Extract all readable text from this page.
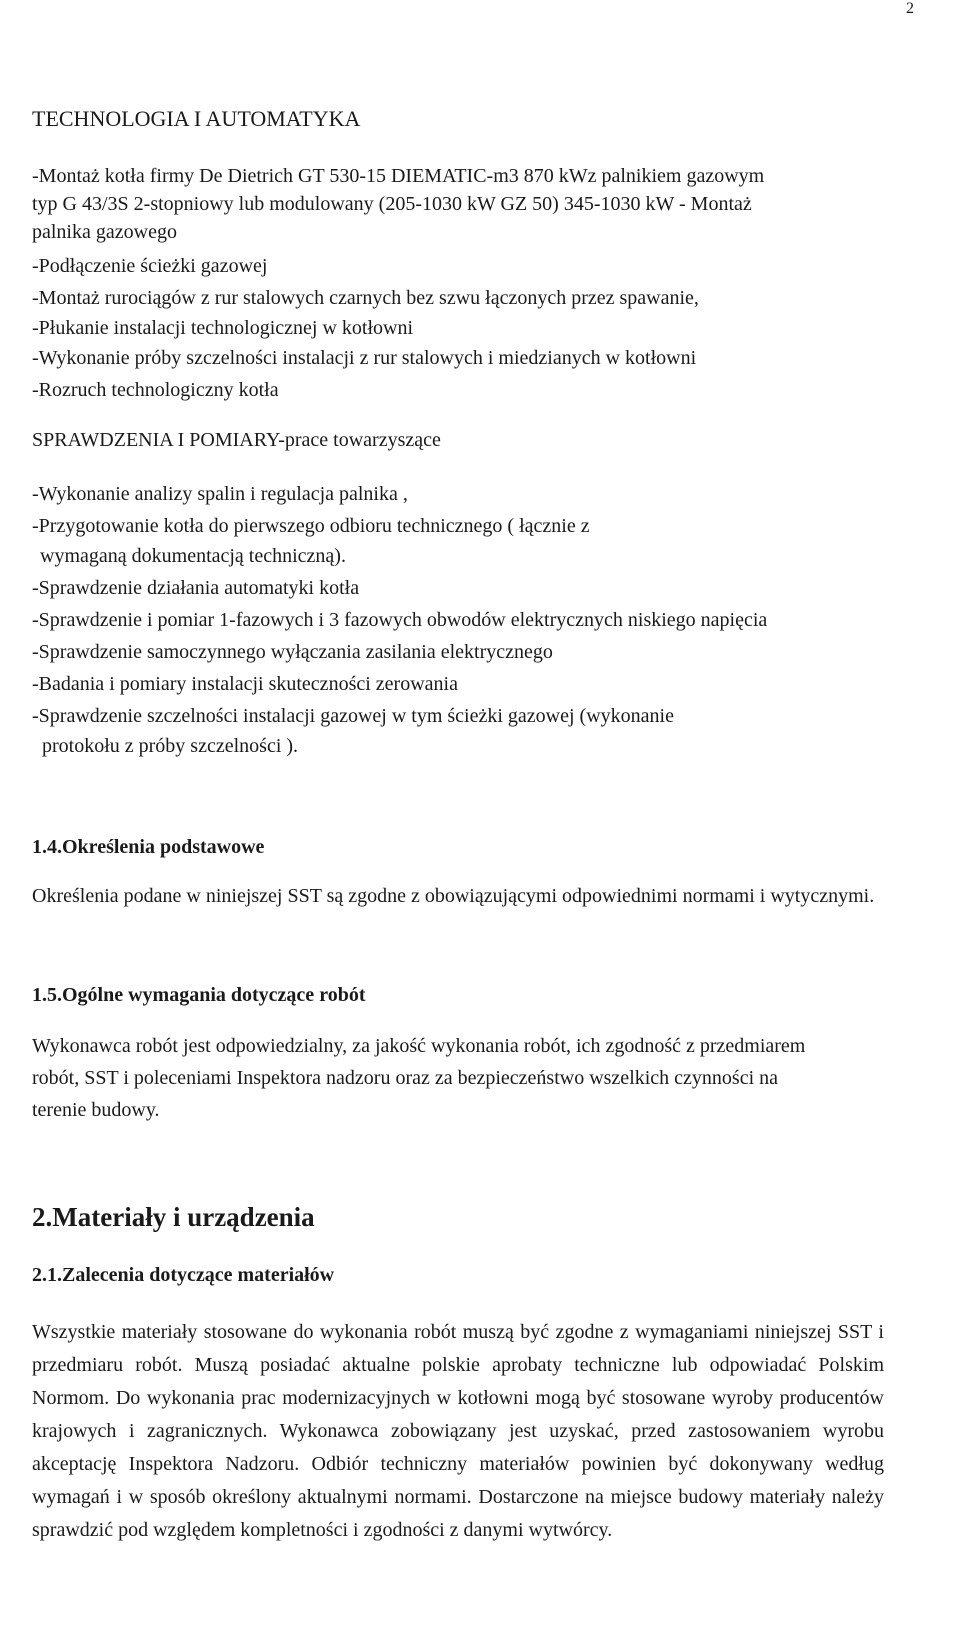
2
TECHNOLOGIA I AUTOMATYKA
-Montaż kotła firmy De Dietrich GT 530-15 DIEMATIC-m3 870 kWz palnikiem gazowym
typ G 43/3S 2-stopniowy lub modulowany (205-1030 kW GZ 50) 345-1030 kW - Montaż
palnika gazowego
-Podłączenie ścieżki gazowej
-Montaż rurociągów z rur stalowych czarnych bez szwu łączonych przez spawanie,
-Płukanie instalacji technologicznej w kotłowni
-Wykonanie próby szczelności instalacji z rur stalowych i miedzianych w kotłowni
-Rozruch technologiczny kotła
SPRAWDZENIA I POMIARY-prace towarzyszące
-Wykonanie analizy spalin i regulacja palnika ,
-Przygotowanie kotła do pierwszego odbioru technicznego ( łącznie z
wymaganą dokumentacją techniczną).
-Sprawdzenie działania automatyki kotła
-Sprawdzenie i pomiar 1-fazowych i 3 fazowych obwodów elektrycznych niskiego napięcia
-Sprawdzenie samoczynnego wyłączania zasilania elektrycznego
-Badania i pomiary instalacji skuteczności zerowania
-Sprawdzenie szczelności instalacji gazowej w tym ścieżki gazowej (wykonanie
protokołu z próby szczelności ).
1.4.Określenia podstawowe
Określenia podane w niniejszej SST są zgodne z obowiązującymi odpowiednimi normami i wytycznymi.
1.5.Ogólne wymagania dotyczące robót
Wykonawca robót jest odpowiedzialny, za jakość wykonania robót, ich zgodność z przedmiarem robót, SST i poleceniami Inspektora nadzoru oraz za bezpieczeństwo wszelkich czynności na terenie budowy.
2.Materiały i urządzenia
2.1.Zalecenia dotyczące materiałów
Wszystkie materiały stosowane do wykonania robót muszą być zgodne z wymaganiami niniejszej SST i przedmiaru robót. Muszą posiadać aktualne polskie aprobaty techniczne lub odpowiadać Polskim Normom. Do wykonania prac modernizacyjnych w kotłowni mogą być stosowane wyroby producentów krajowych i zagranicznych. Wykonawca zobowiązany jest uzyskać, przed zastosowaniem wyrobu akceptację Inspektora Nadzoru. Odbiór techniczny materiałów powinien być dokonywany według wymagań i w sposób określony aktualnymi normami. Dostarczone na miejsce budowy materiały należy sprawdzić pod względem kompletności i zgodności z danymi wytwórcy.
